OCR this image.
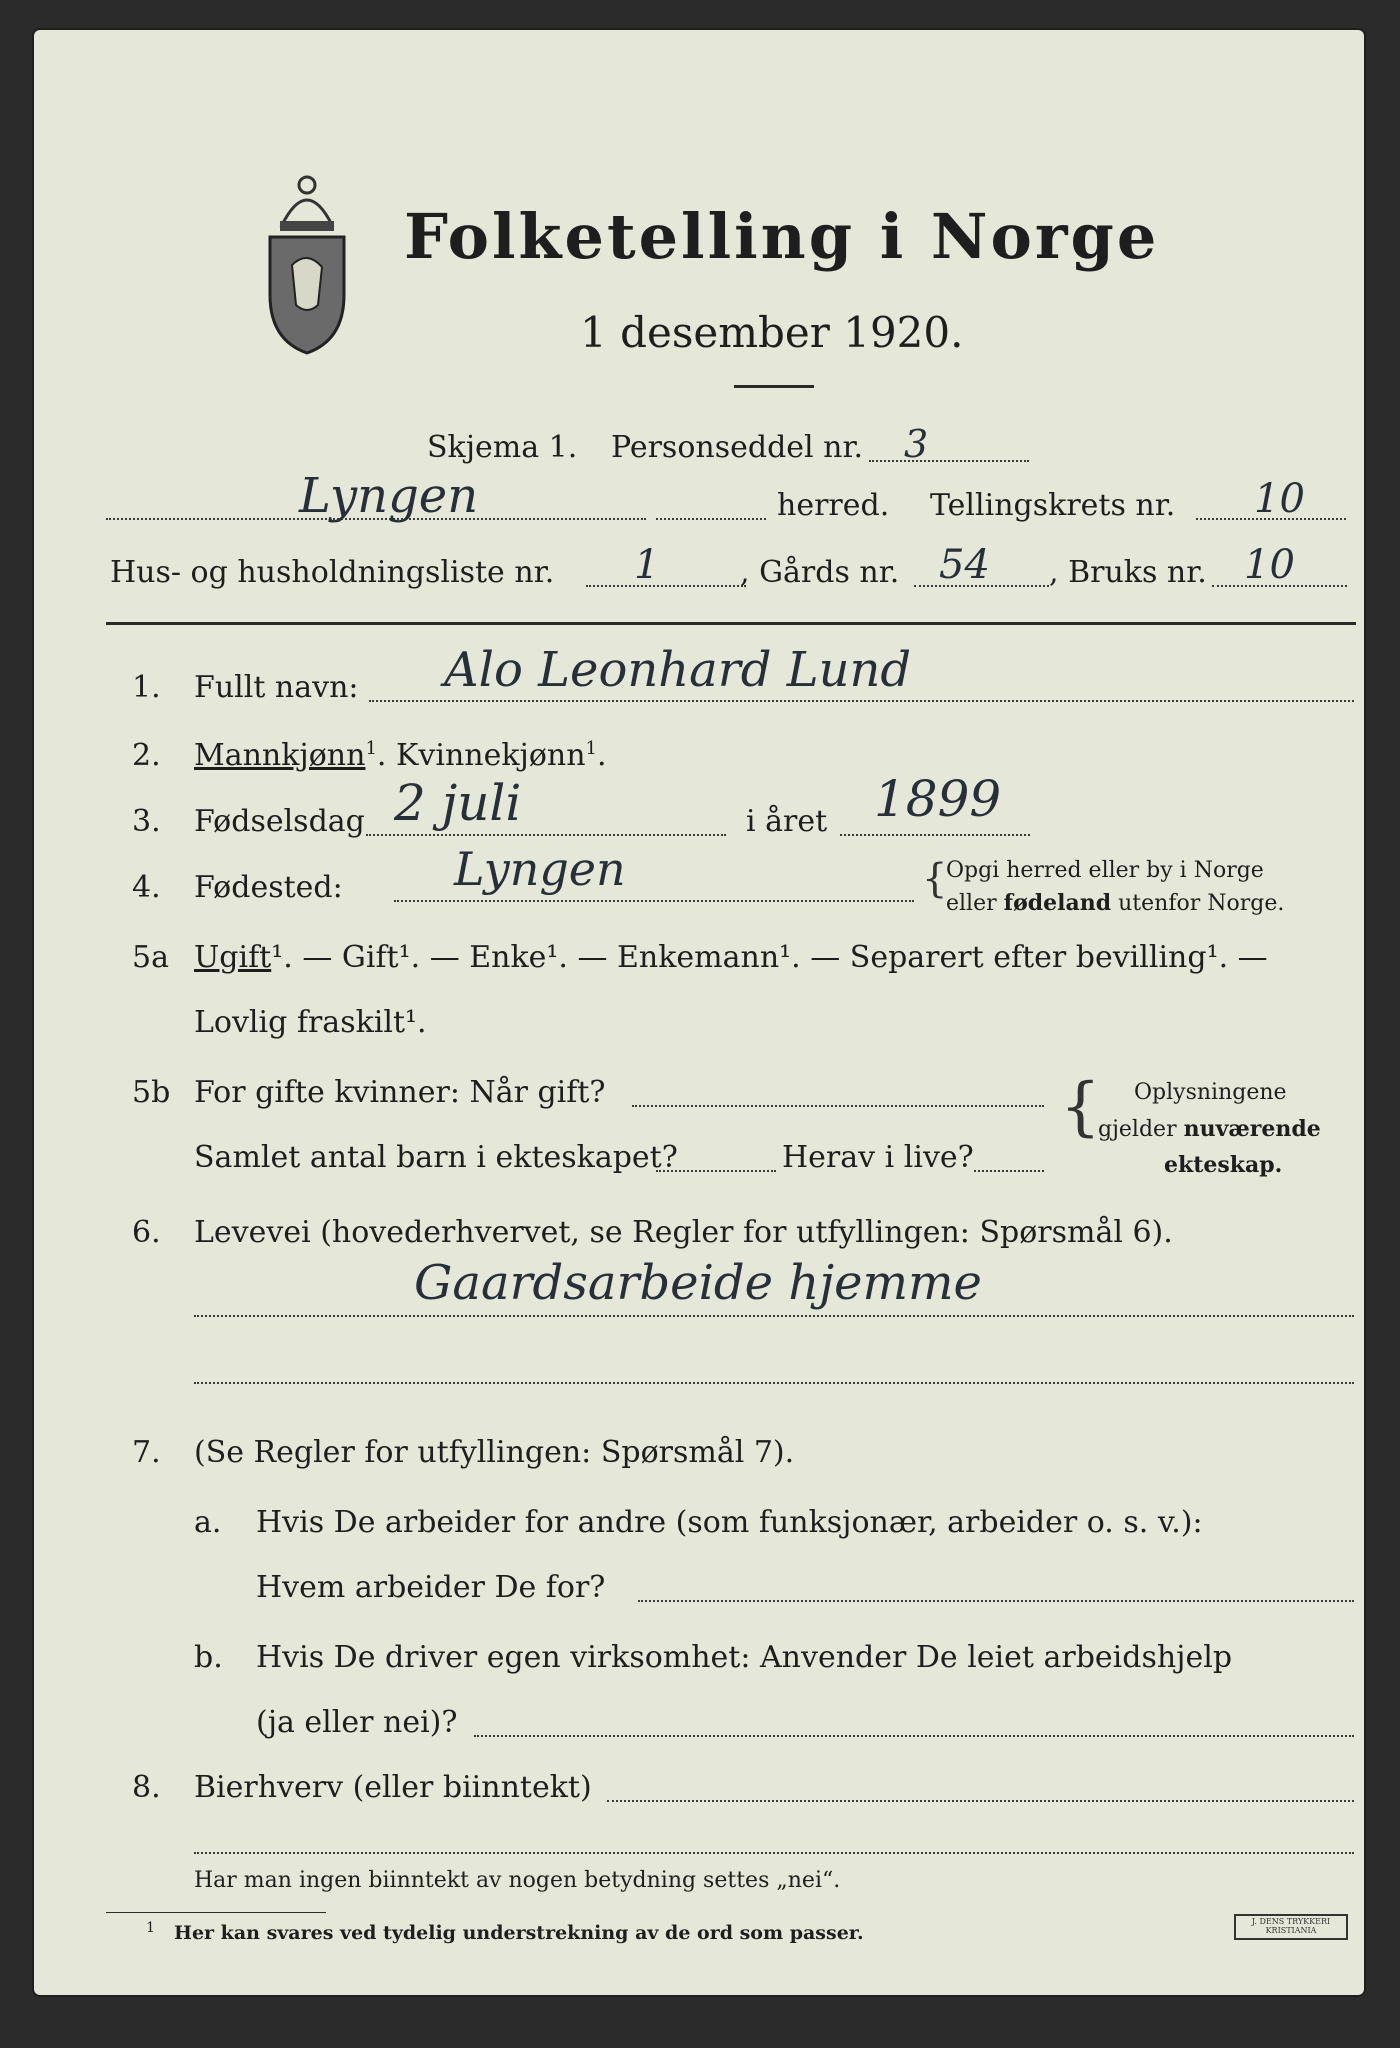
Folketelling i Norge
1 desember 1920.
Skjema 1. Personseddel nr. 3
Lyngen	herred. Tellingskrets nr. 10
Hus- og husholdningsliste nr. 1	, Gårds nr. 54 , Bruks nr. 10
1. Fullt navn: Alo Leonhard Lund
2. Mannkjønn$^1$. Kvinnekjønn$^1$.
3. Fødselsdag 2 juli	i året 1899
4. Fødested: Lyngen	{
Opgi herred eller by i Norge
eller fødeland utenfor Norge.
5a Ugift¹. — Gift¹. — Enke¹. — Enkemann¹. — Separert efter bevilling¹. —
Lovlig fraskilt¹.
5b For gifte kvinner: Når gift?
Samlet antal barn i ekteskapet?	Herav i live?
{ Oplysningene
gjelder nuværende
ekteskap.
6. Levevei (hovederhvervet, se Regler for utfyllingen: Spørsmål 6).
Gaardsarbeide hjemme
7. (Se Regler for utfyllingen: Spørsmål 7).
a. Hvis De arbeider for andre (som funksjonær, arbeider o. s. v.):
Hvem arbeider De for?
b. Hvis De driver egen virksomhet: Anvender De leiet arbeidshjelp
(ja eller nei)?
8. Bierhverv (eller biinntekt)
Har man ingen biinntekt av nogen betydning settes „nei“.
1 Her kan svares ved tydelig understrekning av de ord som passer.
J. DENS TRYKKERI KRISTIANIA
